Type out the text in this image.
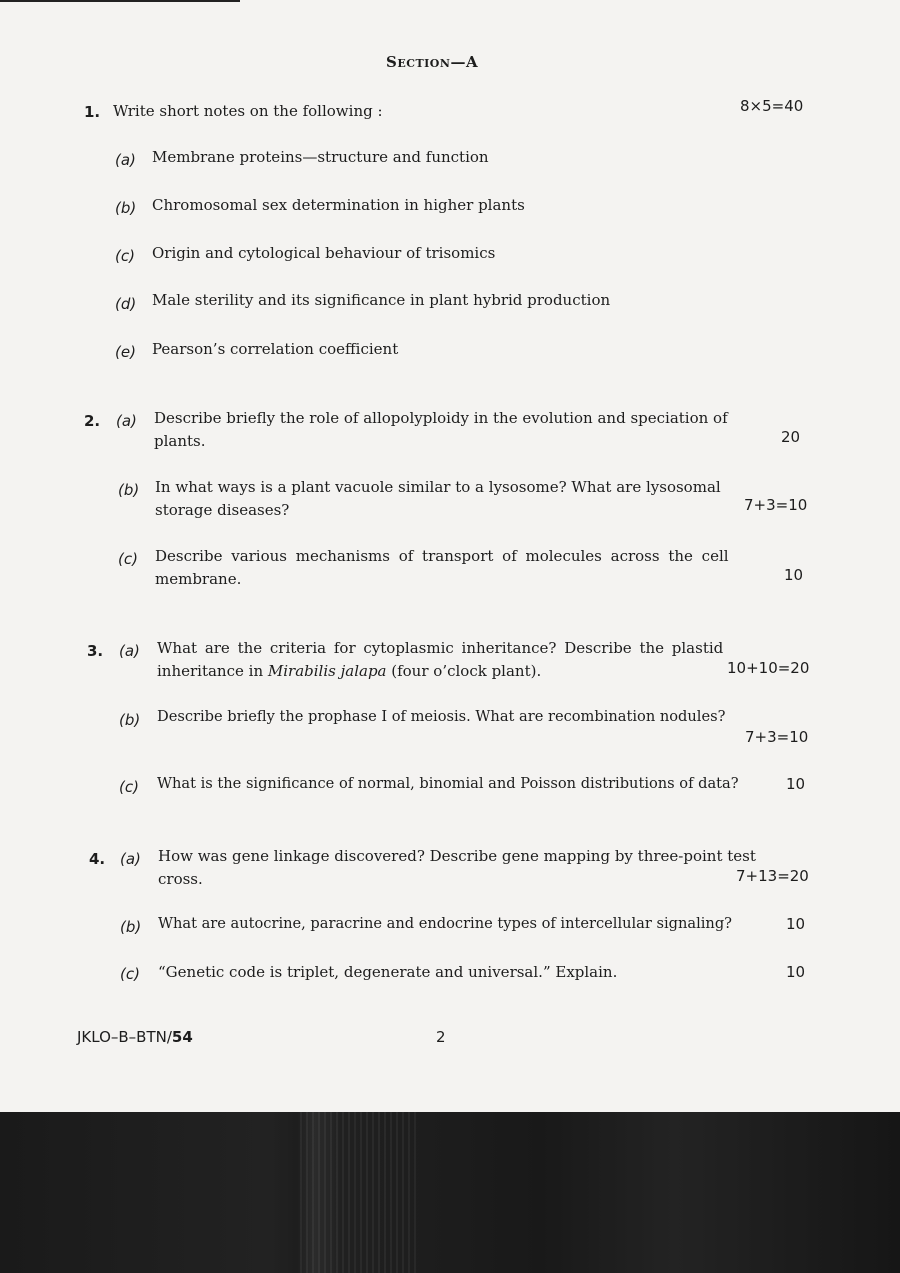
Section—A
1. Write short notes on the following :	8×5=40
(a) Membrane proteins—structure and function
(b) Chromosomal sex determination in higher plants
(c) Origin and cytological behaviour of trisomics
(d) Male sterility and its significance in plant hybrid production
(e) Pearson’s correlation coefficient
2. (a) Describe briefly the role of allopolyploidy in the evolution and speciation of
plants.	20
(b) In what ways is a plant vacuole similar to a lysosome? What are lysosomal
storage diseases?	7+3=10
(c) Describe various mechanisms of transport of molecules across the cell
membrane.	10
3. (a) What are the criteria for cytoplasmic inheritance? Describe the plastid
inheritance in Mirabilis jalapa (four o’clock plant).	10+10=20
(b) Describe briefly the prophase I of meiosis. What are recombination nodules?
7+3=10
(c) What is the significance of normal, binomial and Poisson distributions of data?	10
4. (a) How was gene linkage discovered? Describe gene mapping by three-point test
cross.	7+13=20
(b) What are autocrine, paracrine and endocrine types of intercellular signaling?	10
(c) “Genetic code is triplet, degenerate and universal.” Explain.	10
JKLO–B–BTN/54	2
